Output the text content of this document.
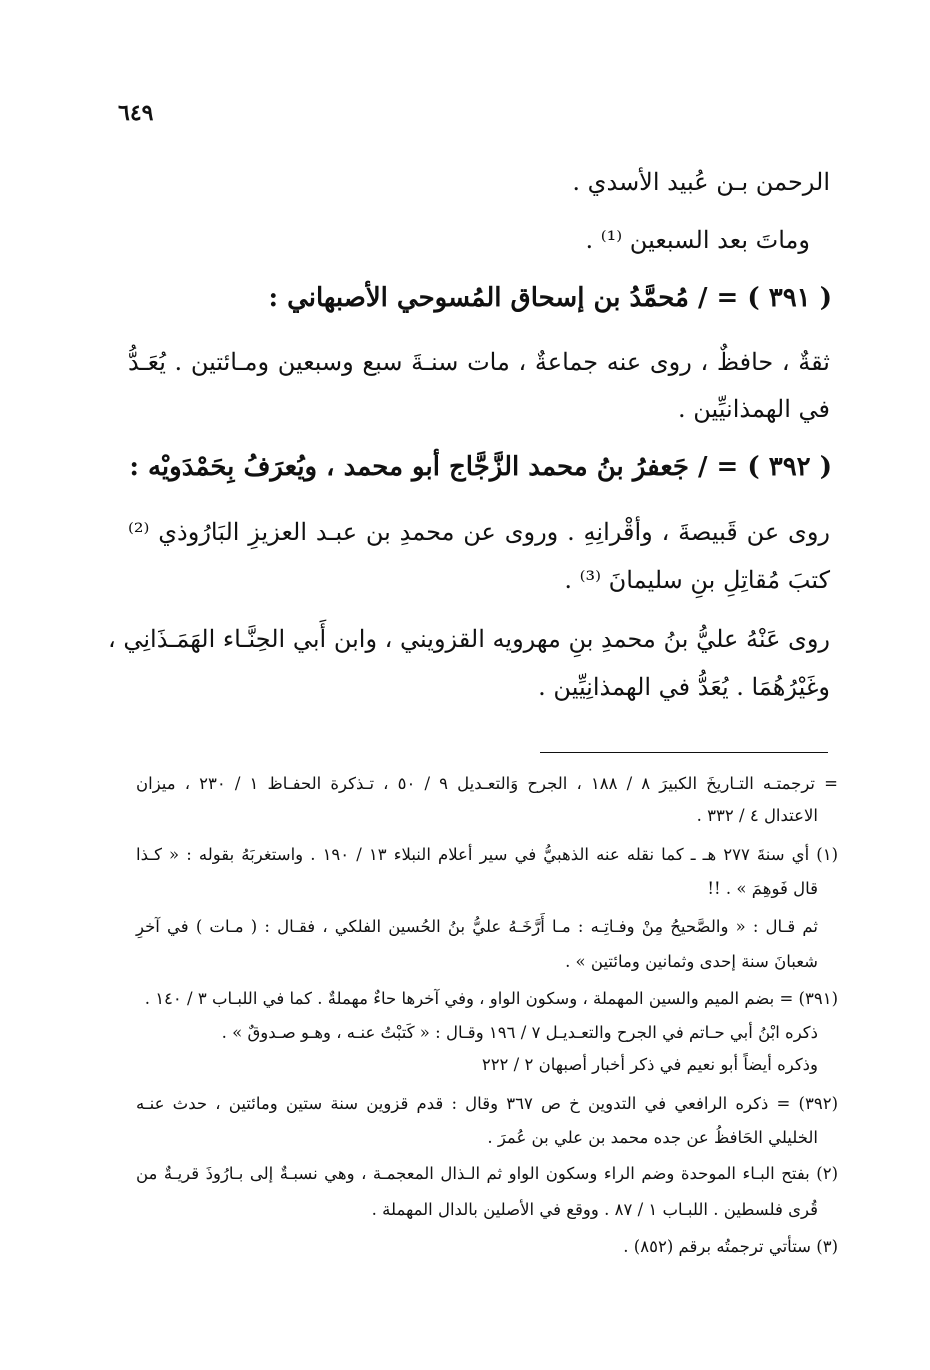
٦٤٩
الرحمن بـن عُبيد الأسدي .
وماتَ بعد السبعين ⁽¹⁾ .
( ٣٩١ ) = / مُحمَّدُ بن إسحاق المُسوحي الأصبهاني :
ثقةٌ ، حافظٌ ، روى عنه جماعةٌ ، مات سنـةَ سبع وسبعين ومـائتين . يُعَـدُّ
في الهمذانيِّين .
( ٣٩٢ ) = / جَعفرُ بنُ محمد الزَّجَّاج أبو محمد ، ويُعرَفُ بِحَمْدَويْه :
روى عن قَبيصةَ ، وأقْرانِهِ . وروى عن محمدِ بن عبـد العزيزِ البَارُوذي ⁽²⁾
كتبَ مُقاتِلِ بنِ سليمانَ ⁽³⁾ .
روى عَنْهُ عليُّ بنُ محمدِ بنِ مهرويه القزويني ، وابن أَبي الحِنَّـاء الهَمَـذَانِي ،
وغَيْرُهُمَا . يُعَدُّ في الهمذانِيِّين .
= ترجمتـه التـاريخَ الكبيرَ ٨ / ١٨٨ ، الجرح وَالتعـديل ٩ / ٥٠ ، تـذكرة الحفـاظ ١ / ٢٣٠ ، ميزان
الاعتدال ٤ / ٣٣٢ .
(١) أي سنةَ ٢٧٧ هـ ـ كما نقله عنه الذهبيُّ في سير أعلام النبلاء ١٣ / ١٩٠ . واستغربَهُ بقوله : « كـذا
قال فَوهِمَ » . !!
ثم قـال : « والصَّحيحُ مِنْ وفـاتِـه : مـا أَرَّخَـهُ عليُّ بنُ الحُسين الفلكي ، فقـال : ( مـات ) في آخرِ
شعبانَ سنة إحدى وثمانين ومائتين » .
(٣٩١) = بضم الميم والسين المهملة ، وسكون الواو ، وفي آخرها حاءٌ مهملةٌ . كما في اللبـاب ٣ / ١٤٠ .
ذكره ابْنُ أبي حـاتم في الجرح والتعـديـل ٧ / ١٩٦ وقـال : « كَتبْتُ عنـه ، وهـو صـدوقٌ » .
وذكره أيضاً أبو نعيم في ذكر أخبار أصبهان ٢ / ٢٢٢
(٣٩٢) = ذكره الرافعي في التدوين خ ص ٣٦٧ وقال : قدم قزوين سنة ستين ومائتين ، حدث عنـه
الخليلي الحَافظُ عن جده محمد بن علي بن عُمرَ .
(٢) بفتح البـاء الموحدة وضم الراء وسكون الواو ثم الـذال المعجمـة ، وهي نسبـةٌ إلى بـارُوذَ قريـةٌ من
قُرى فلسطين . اللبـاب ١ / ٨٧ . ووقع في الأصلين بالدال المهملة .
(٣) ستأتي ترجمتُه برقم (٨٥٢) .
